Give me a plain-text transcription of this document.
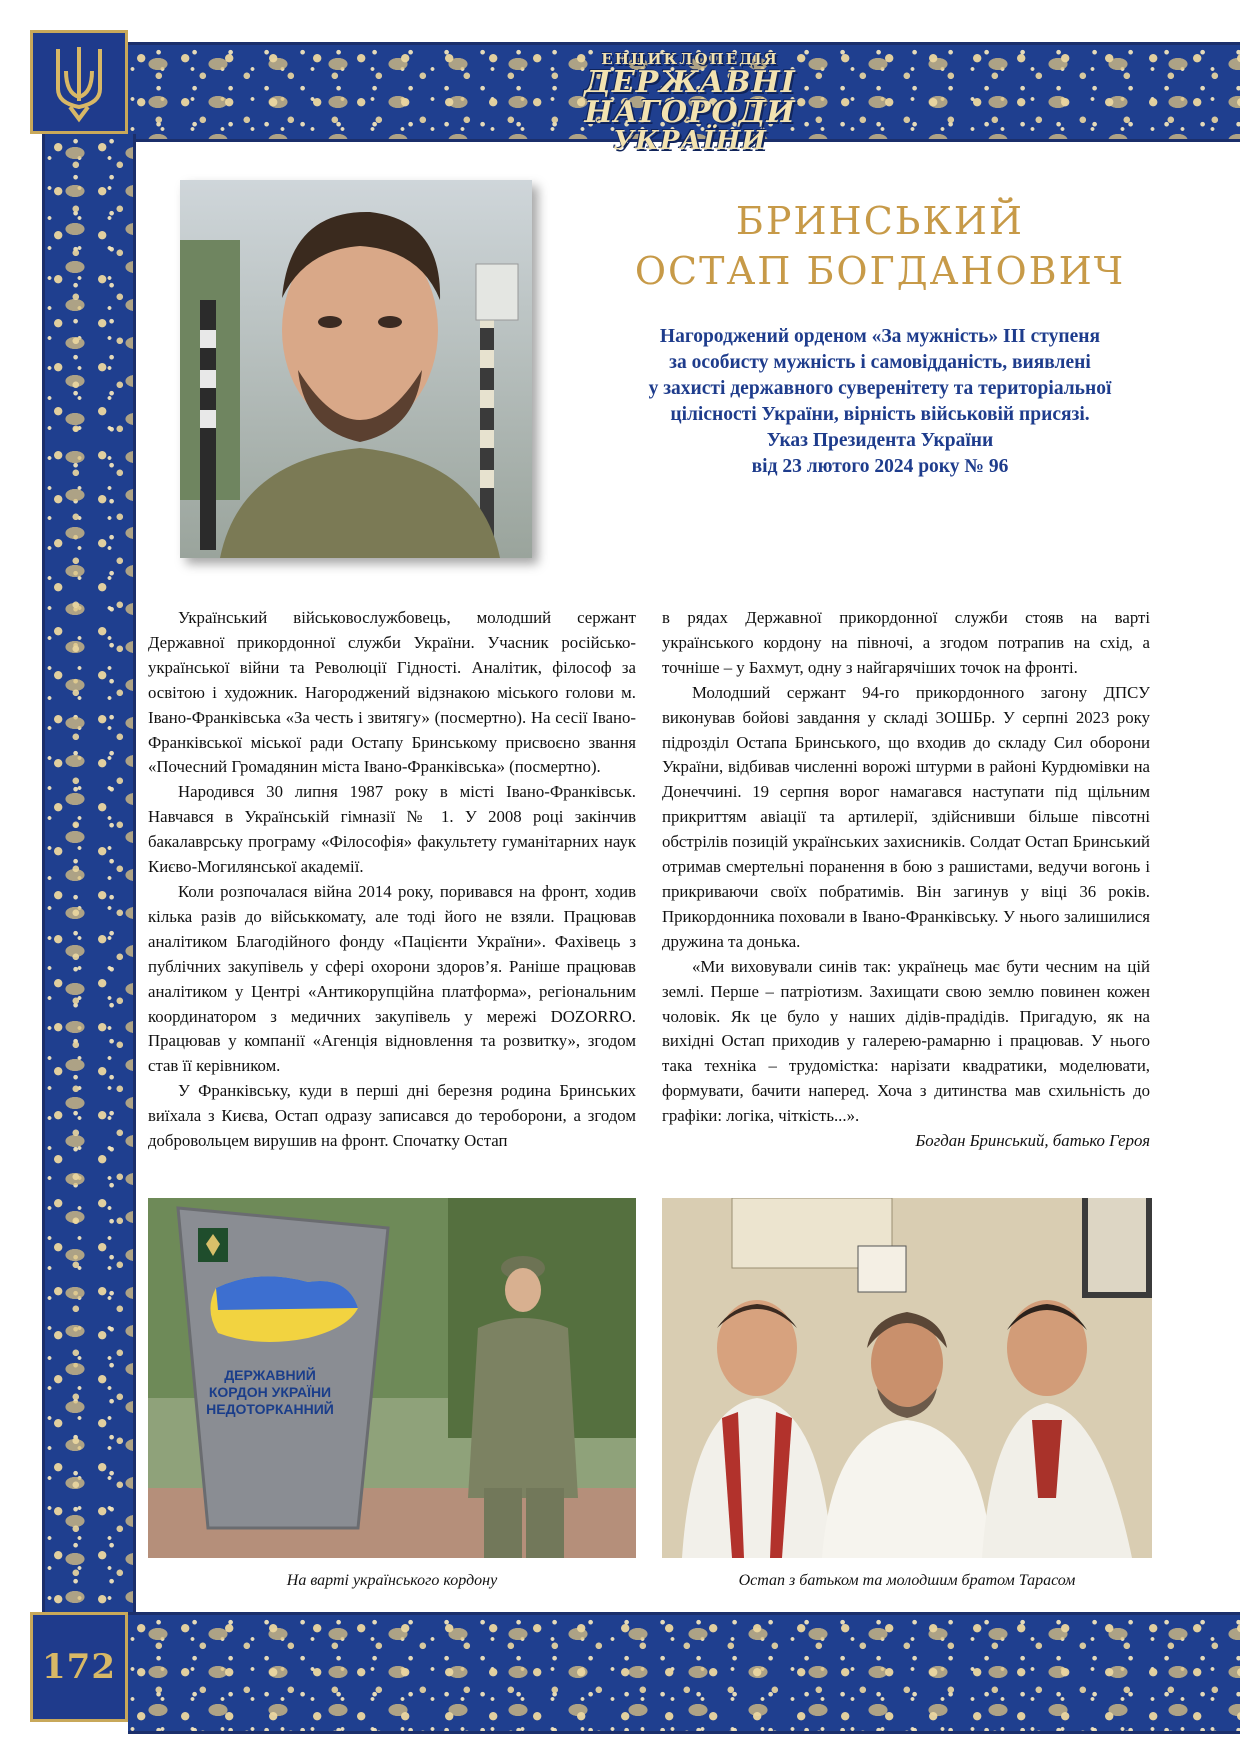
ЕНЦИКЛОПЕДІЯ
ДЕРЖАВНІ НАГОРОДИ
УКРАЇНИ
БРИНСЬКИЙ
ОСТАП БОГДАНОВИЧ
Нагороджений орденом «За мужність» ІІІ ступеня
за особисту мужність і самовідданість, виявлені
у захисті державного суверенітету та територіальної
цілісності України, вірність військовій присязі.
Указ Президента України
від 23 лютого 2024 року № 96

Український військовослужбовець, молодший сержант Державної прикордонної служби України. Учасник російсько-української війни та Революції Гідності. Аналітик, філософ за освітою і художник. Нагороджений відзнакою міського голови м. Івано-Франківська «За честь і звитягу» (посмертно). На сесії Івано-Франківської міської ради Остапу Бринському присвоєно звання «Почесний Громадянин міста Івано-Франківська» (посмертно).

Народився 30 липня 1987 року в місті Івано-Франківськ. Навчався в Українській гімназії № 1. У 2008 році закінчив бакалаврську програму «Філософія» факультету гуманітарних наук Києво-Могилянської академії.

Коли розпочалася війна 2014 року, поривався на фронт, ходив кілька разів до військкомату, але тоді його не взяли. Працював аналітиком Благодійного фонду «Пацієнти України». Фахівець з публічних закупівель у сфері охорони здоров’я. Раніше працював аналітиком у Центрі «Антикорупційна платформа», регіональним координатором з медичних закупівель у мережі DOZORRO. Працював у компанії «Агенція відновлення та розвитку», згодом став її керівником.

У Франківську, куди в перші дні березня родина Бринських виїхала з Києва, Остап одразу записався до тероборони, а згодом добровольцем вирушив на фронт. Спочатку Остап

в рядах Державної прикордонної служби стояв на варті українського кордону на півночі, а згодом потрапив на схід, а точніше – у Бахмут, одну з найгарячіших точок на фронті.

Молодший сержант 94-го прикордонного загону ДПСУ виконував бойові завдання у складі 3ОШБр. У серпні 2023 року підрозділ Остапа Бринського, що входив до складу Сил оборони України, відбивав численні ворожі штурми в районі Курдюмівки на Донеччині. 19 серпня ворог намагався наступати під щільним прикриттям авіації та артилерії, здійснивши більше півсотні обстрілів позицій українських захисників. Солдат Остап Бринський отримав смертельні поранення в бою з рашистами, ведучи вогонь і прикриваючи своїх побратимів. Він загинув у віці 36 років. Прикордонника поховали в Івано-Франківську. У нього залишилися дружина та донька.

«Ми виховували синів так: українець має бути чесним на цій землі. Перше – патріотизм. Захищати свою землю повинен кожен чоловік. Як це було у наших дідів-прадідів. Пригадую, як на вихідні Остап приходив у галерею-рамарню і працював. У нього така техніка – трудомістка: нарізати квадратики, моделювати, формувати, бачити наперед. Хоча з дитинства мав схильність до графіки: логіка, чіткість...».

Богдан Бринський, батько Героя

ДЕРЖАВНИЙ
КОРДОН УКРАЇНИ
НЕДОТОРКАННИЙ
На варті українського кордону	Остап з батьком та молодшим братом Тарасом
172
